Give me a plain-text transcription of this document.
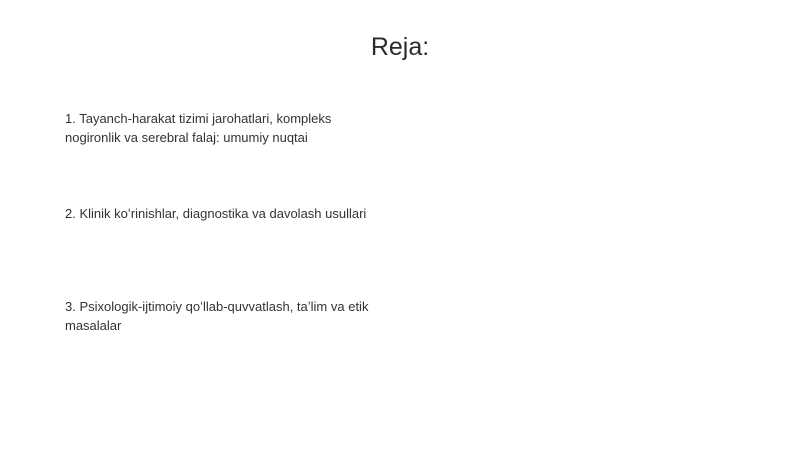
Reja:
1. Tayanch-harakat tizimi jarohatlari, kompleks nogironlik va serebral falaj: umumiy nuqtai
2. Klinik koʻrinishlar, diagnostika va davolash usullari
3. Psixologik-ijtimoiy qoʻllab-quvvatlash, taʼlim va etik masalalar
